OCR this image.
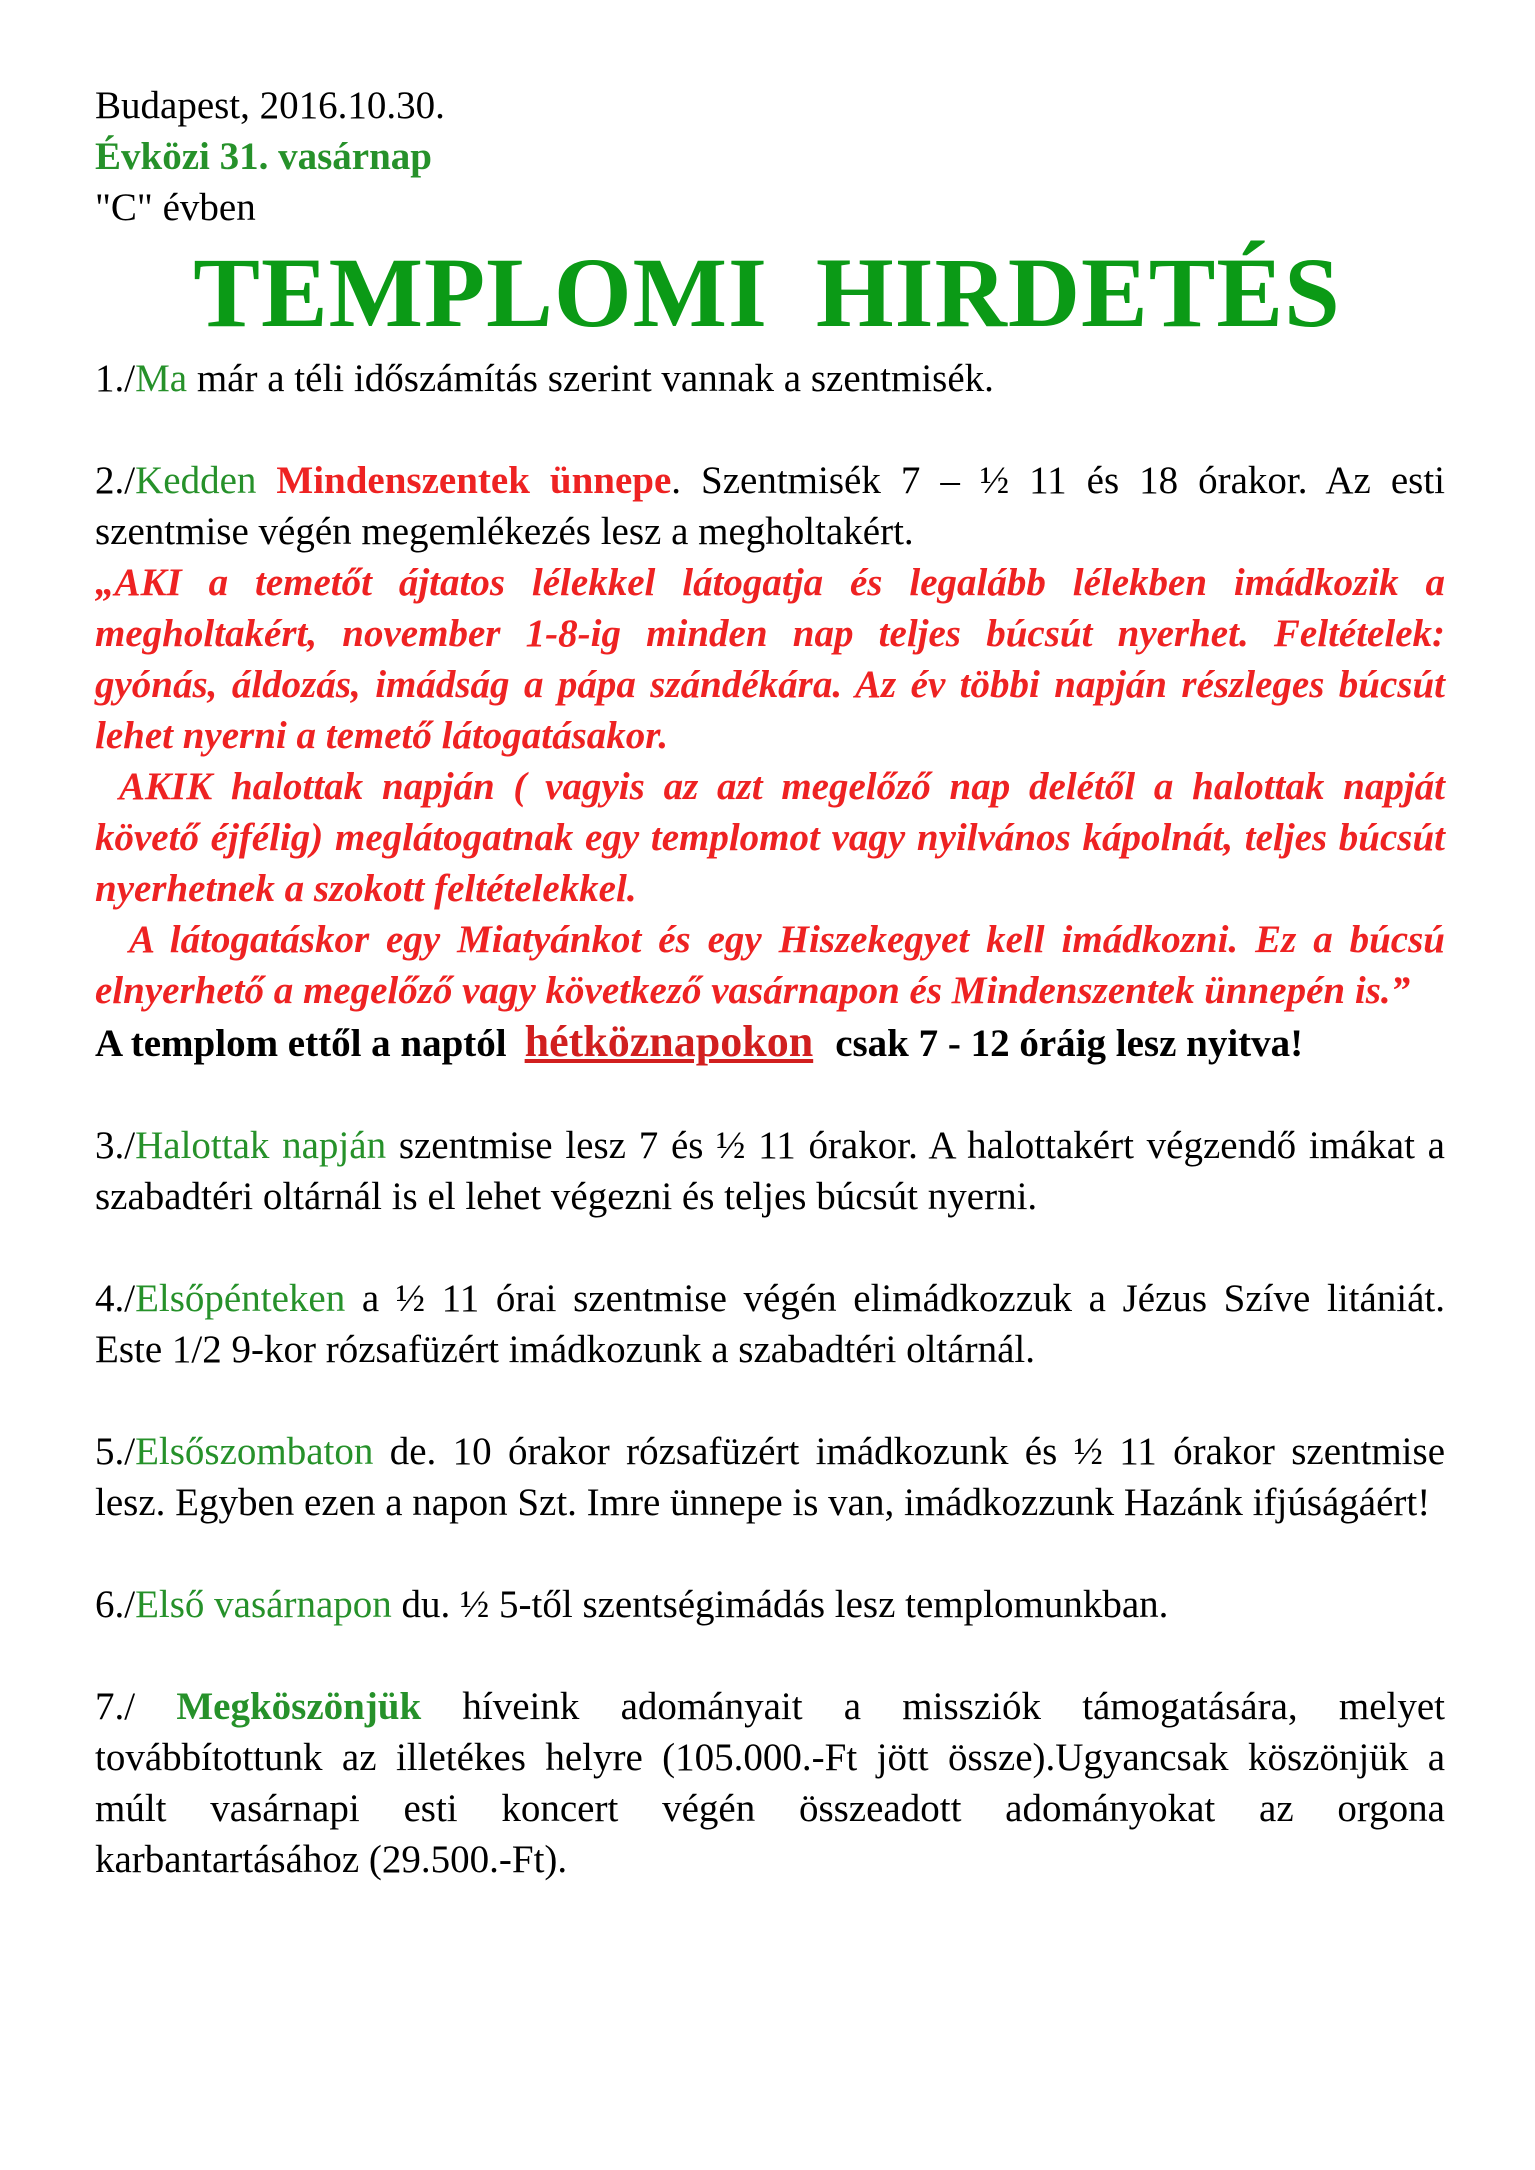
Budapest, 2016.10.30.
Évközi 31. vasárnap
"C" évben
TEMPLOMI HIRDETÉS
1./Ma már a téli időszámítás szerint vannak a szentmisék.
2./Kedden Mindenszentek ünnepe. Szentmisék 7 – ½ 11 és 18 órakor. Az esti szentmise végén megemlékezés lesz a megholtakért.
„AKI a temetőt ájtatos lélekkel látogatja és legalább lélekben imádkozik a megholtakért, november 1-8-ig minden nap teljes búcsút nyerhet. Feltételek: gyónás, áldozás, imádság a pápa szándékára. Az év többi napján részleges búcsút lehet nyerni a temető látogatásakor.
AKIK halottak napján ( vagyis az azt megelőző nap delétől a halottak napját követő éjfélig) meglátogatnak egy templomot vagy nyilvános kápolnát, teljes búcsút nyerhetnek a szokott feltételekkel.
A látogatáskor egy Miatyánkot és egy Hiszekegyet kell imádkozni. Ez a búcsú elnyerhető a megelőző vagy következő vasárnapon és Mindenszentek ünnepén is.”
A templom ettől a naptól hétköznapokon csak 7 - 12 óráig lesz nyitva!
3./Halottak napján szentmise lesz 7 és ½ 11 órakor. A halottakért végzendő imákat a szabadtéri oltárnál is el lehet végezni és teljes búcsút nyerni.
4./Elsőpénteken a ½ 11 órai szentmise végén elimádkozzuk a Jézus Szíve litániát. Este 1/2 9-kor rózsafüzért imádkozunk a szabadtéri oltárnál.
5./Elsőszombaton de. 10 órakor rózsafüzért imádkozunk és ½ 11 órakor szentmise lesz. Egyben ezen a napon Szt. Imre ünnepe is van, imádkozzunk Hazánk ifjúságáért!
6./Első vasárnapon du. ½ 5-től szentségimádás lesz templomunkban.
7./ Megköszönjük híveink adományait a missziók támogatására, melyet továbbítottunk az illetékes helyre (105.000.-Ft jött össze).Ugyancsak köszönjük a múlt vasárnapi esti koncert végén összeadott adományokat az orgona karbantartásához (29.500.-Ft).
